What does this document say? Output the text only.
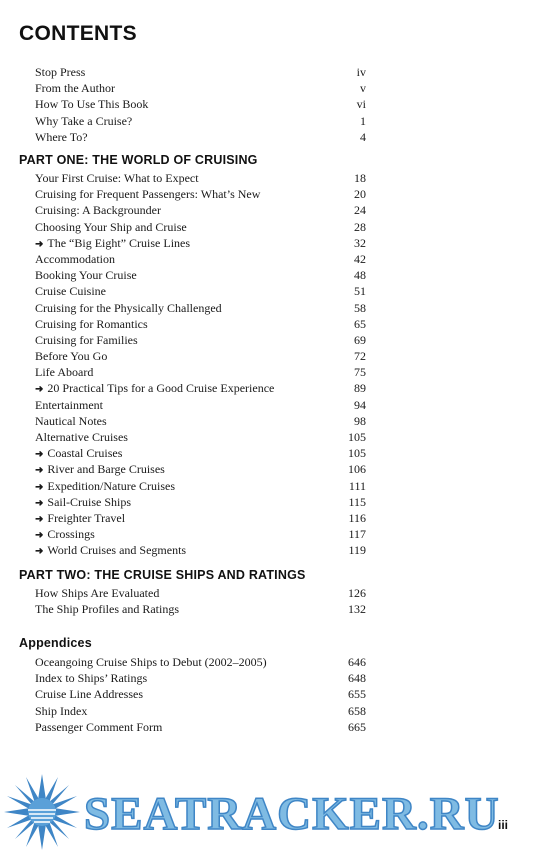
CONTENTS
Stop Press	iv
From the Author	v
How To Use This Book	vi
Why Take a Cruise?	1
Where To?	4
PART ONE: THE WORLD OF CRUISING
Your First Cruise: What to Expect	18
Cruising for Frequent Passengers: What’s New	20
Cruising: A Backgrounder	24
Choosing Your Ship and Cruise	28
➜ The “Big Eight” Cruise Lines	32
Accommodation	42
Booking Your Cruise	48
Cruise Cuisine	51
Cruising for the Physically Challenged	58
Cruising for Romantics	65
Cruising for Families	69
Before You Go	72
Life Aboard	75
➜ 20 Practical Tips for a Good Cruise Experience	89
Entertainment	94
Nautical Notes	98
Alternative Cruises	105
➜ Coastal Cruises	105
➜ River and Barge Cruises	106
➜ Expedition/Nature Cruises	111
➜ Sail-Cruise Ships	115
➜ Freighter Travel	116
➜ Crossings	117
➜ World Cruises and Segments	119
PART TWO: THE CRUISE SHIPS AND RATINGS
How Ships Are Evaluated	126
The Ship Profiles and Ratings	132
Appendices
Oceangoing Cruise Ships to Debut (2002–2005)	646
Index to Ships’ Ratings	648
Cruise Line Addresses	655
Ship Index	658
Passenger Comment Form	665
SEATRACKER.RU
iii
